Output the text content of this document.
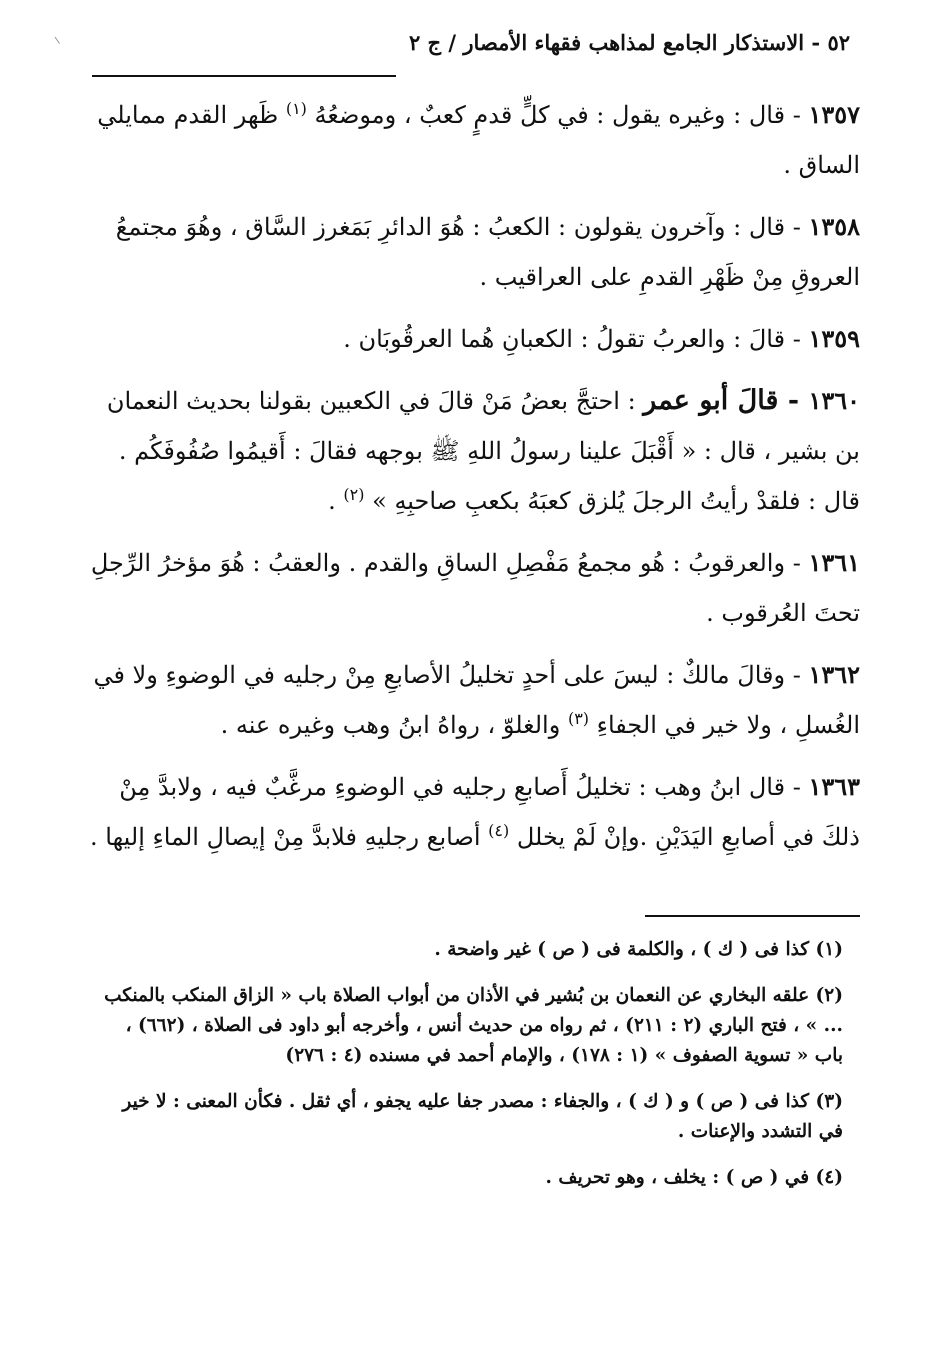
٥٢ - الاستذكار الجامع لمذاهب فقهاء الأمصار / ج ٢

١٣٥٧ - قال : وغيره يقول : في كلٍّ قدمٍ كعبٌ ، وموضعُهُ $^{(١)}$ ظَهر القدم ممايلي الساق .

١٣٥٨ - قال : وآخرون يقولون : الكعبُ : هُوَ الدائرِ بَمَغرز السَّاق ، وهُوَ مجتمعُ العروقِ مِنْ ظَهْرِ القدمِ على العراقيب .

١٣٥٩ - قالَ : والعربُ تقولُ : الكعبانِ هُما العرقُوبَان .

١٣٦٠ - قالَ أبو عمر : احتجَّ بعضُ مَنْ قالَ في الكعبين بقولنا بحديث النعمان بن بشير ، قال : « أَقْبَلَ علينا رسولُ اللهِ ﷺ بوجهه فقالَ : أَقيمُوا صُفُوفَكُم . قال : فلقدْ رأيتُ الرجلَ يُلزق كعبَهُ بكعبِ صاحبِهِ » $^{(٢)}$ .

١٣٦١ - والعرقوبُ : هُو مجمعُ مَفْصِلِ الساقِ والقدم . والعقبُ : هُوَ مؤخرُ الرِّجلِ تحتَ العُرقوب .

١٣٦٢ - وقالَ مالكٌ : ليسَ على أحدٍ تخليلُ الأصابعِ مِنْ رجليه في الوضوءِ ولا في الغُسلِ ، ولا خير في الجفاءِ $^{(٣)}$ والغلوّ ، رواهُ ابنُ وهب وغيره عنه .

١٣٦٣ - قال ابنُ وهب : تخليلُ أَصابعِ رجليه في الوضوءِ مرغَّبٌ فيه ، ولابدَّ مِنْ ذلكَ في أصابعِ اليَدَيْنِ .وإنْ لَمْ يخلل $^{(٤)}$ أصابع رجليهِ فلابدَّ مِنْ إيصالِ الماءِ إليها .

(١) كذا فى ( ك ) ، والكلمة فى ( ص ) غير واضحة .

(٢) علقه البخاري عن النعمان بن بُشير في الأذان من أبواب الصلاة باب « الزاق المنكب بالمنكب ... » ، فتح الباري (٢ : ٢١١) ، ثم رواه من حديث أنس ، وأخرجه أبو داود فى الصلاة ، (٦٦٢) ، باب « تسوية الصفوف » (١ : ١٧٨) ، والإمام أحمد في مسنده (٤ : ٢٧٦)

(٣) كذا فى ( ص ) و ( ك ) ، والجفاء : مصدر جفا عليه يجفو ، أي ثقل . فكأن المعنى : لا خير في التشدد والإعنات .

(٤) في ( ص ) : يخلف ، وهو تحريف .
